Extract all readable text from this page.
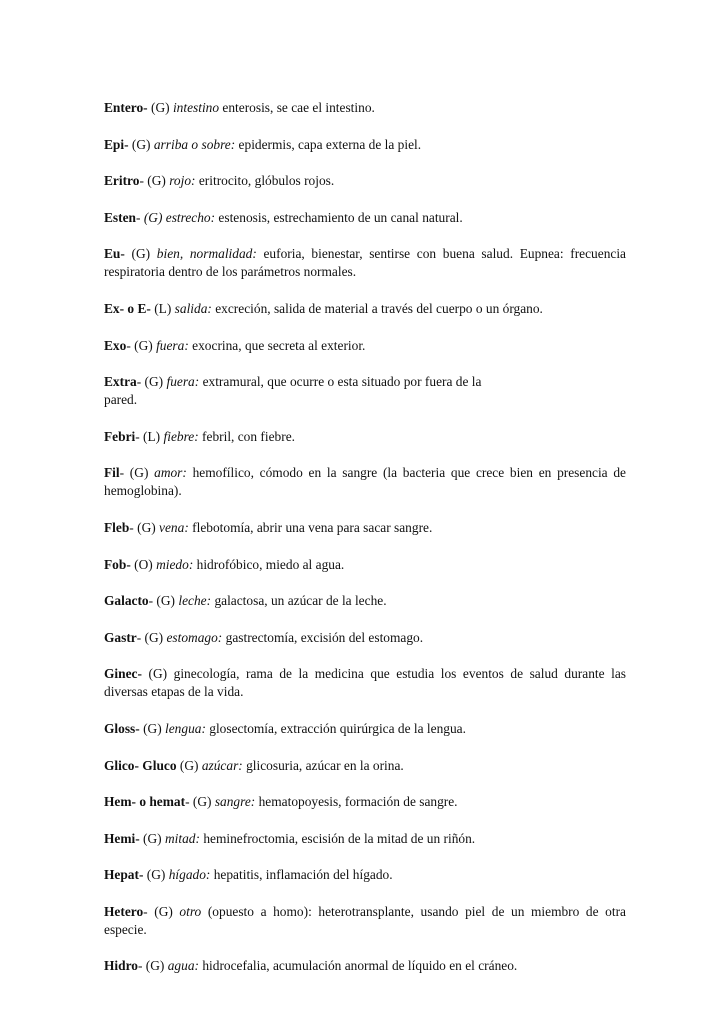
Entero- (G) intestino enterosis, se cae el intestino.

Epi- (G) arriba o sobre: epidermis, capa externa de la piel.

Eritro- (G) rojo: eritrocito, glóbulos rojos.

Esten- (G) estrecho: estenosis, estrechamiento de un canal natural.

Eu- (G) bien, normalidad: euforia, bienestar, sentirse con buena salud. Eupnea: frecuencia respiratoria dentro de los parámetros normales.

Ex- o E- (L) salida: excreción, salida de material a través del cuerpo o un órgano.

Exo- (G) fuera: exocrina, que secreta al exterior.

Extra- (G) fuera: extramural, que ocurre o esta situado por fuera de la
pared.

Febri- (L) fiebre: febril, con fiebre.

Fil- (G) amor: hemofílico, cómodo en la sangre (la bacteria que crece bien en presencia de hemoglobina).

Fleb- (G) vena: flebotomía, abrir una vena para sacar sangre.

Fob- (O) miedo: hidrofóbico, miedo al agua.

Galacto- (G) leche: galactosa, un azúcar de la leche.

Gastr- (G) estomago: gastrectomía, excisión del estomago.

Ginec- (G) ginecología, rama de la medicina que estudia los eventos de salud durante las diversas etapas de la vida.

Gloss- (G) lengua: glosectomía, extracción quirúrgica de la lengua.

Glico- Gluco (G) azúcar: glicosuria, azúcar en la orina.

Hem- o hemat- (G) sangre: hematopoyesis, formación de sangre.

Hemi- (G) mitad: heminefroctomia, escisión de la mitad de un riñón.

Hepat- (G) hígado: hepatitis, inflamación del hígado.

Hetero- (G) otro (opuesto a homo): heterotransplante, usando piel de un miembro de otra especie.

Hidro- (G) agua: hidrocefalia, acumulación anormal de líquido en el cráneo.
